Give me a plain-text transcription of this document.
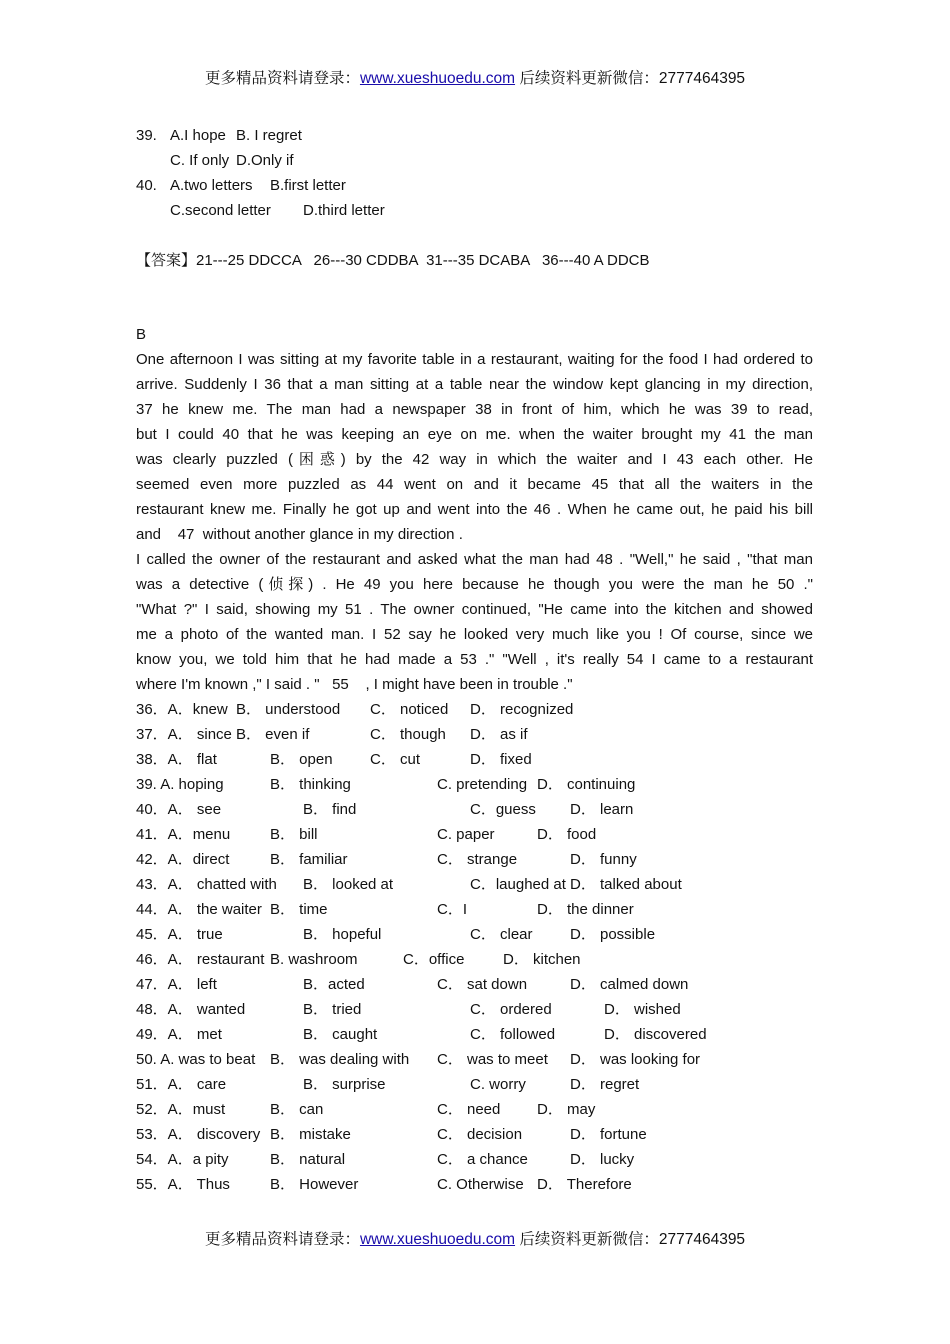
更多精品资料请登录：www.xueshuoedu.com 后续资料更新微信：2777464395
39. A.I hope B. I regret
C. If only D.Only if
40. A.two letters B.first letter
C.second letter D.third letter
【答案】21---25 DDCCA   26---30 CDDBA  31---35 DCABA   36---40 A DDCB
B
One afternoon I was sitting at my favorite table in a restaurant, waiting for the food I had ordered to
arrive. Suddenly I 36 that a man sitting at a table near the window kept glancing in my direction,
37 he knew me. The man had a newspaper 38 in front of him, which he was 39 to read,
but I could 40 that he was keeping an eye on me. when the waiter brought my 41 the man
was clearly puzzled (困惑) by the 42 way in which the waiter and I 43 each other. He
seemed even more puzzled as 44 went on and it became 45 that all the waiters in the
restaurant knew me. Finally he got up and went into the 46 . When he came out, he paid his bill
and    47  without another glance in my direction .
I called the owner of the restaurant and asked what the man had 48 . "Well," he said , "that man
was a detective (侦探) . He 49 you here because he though you were the man he 50 ."
"What ?" I said, showing my 51 . The owner continued, "He came into the kitchen and showed
me a photo of the wanted man. I 52 say he looked very much like you ! Of course, since we
know you, we told him that he had made a 53 ." "Well , it's really 54 I came to a restaurant
where I'm known ," I said . "   55    , I might have been in trouble ."
36．A．knew B． understood C． noticed D． recognized
37．A． since B． even if	C． though D． as if
38．A． flat	B． open C． cut	D． fixed
39. A. hoping	B． thinking	C. pretending D． continuing
40．A． see	B． find	C．guess D． learn
41．A．menu	B． bill	C. paper	D． food
42．A．direct	B． familiar	C． strange	D． funny
43．A． chatted with B． looked at	C．laughed at D． talked about
44．A． the waiter B． time	C．I	D． the dinner
45．A． true	B． hopeful	C． clear D． possible
46．A． restaurant B. washroom	C．office	D． kitchen
47．A． left	B．acted	C． sat down	D． calmed down
48．A． wanted	B． tried	C． ordered	D． wished
49．A． met	B． caught	C． followed	D． discovered
50. A. was to beat B． was dealing with C． was to meet D． was looking for
51．A． care	B． surprise	C. worry	D． regret
52．A．must	B． can	C． need D． may
53．A． discovery B． mistake	C． decision	D． fortune
54．A．a pity	B． natural	C． a chance	D． lucky
55．A． Thus	B． However	C. Otherwise D． Therefore
更多精品资料请登录：www.xueshuoedu.com 后续资料更新微信：2777464395
